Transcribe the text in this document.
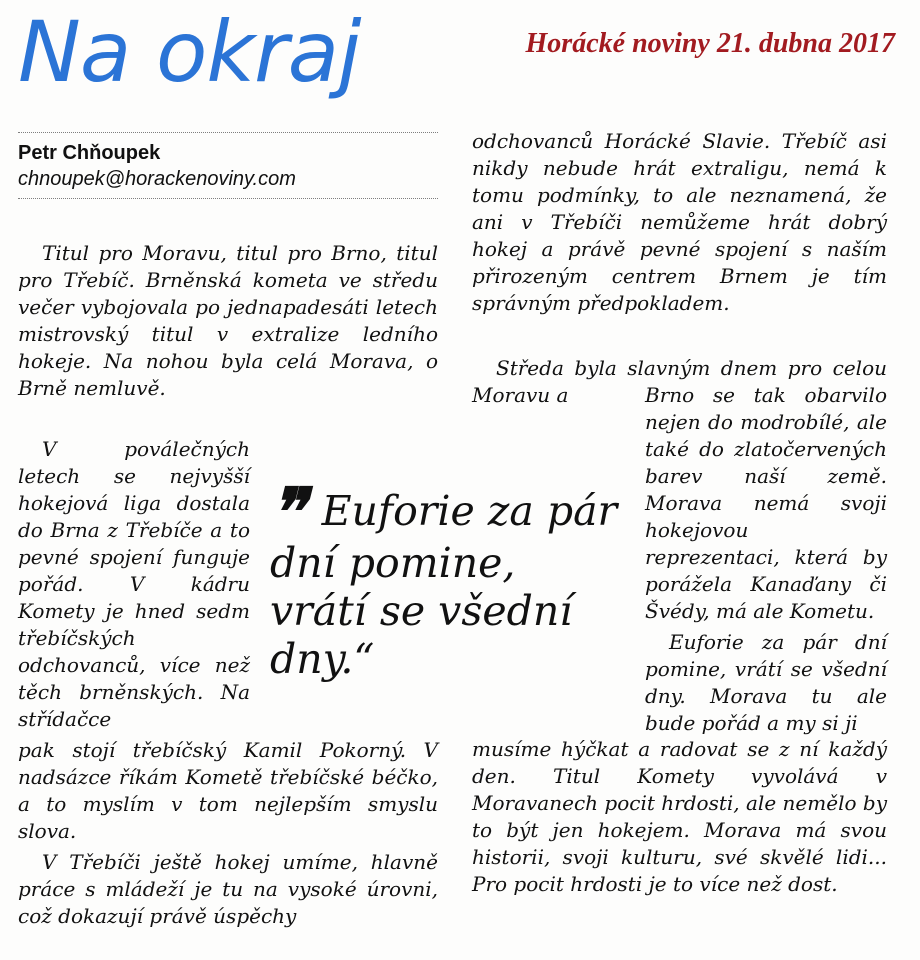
Na okraj	Horácké noviny 21. dubna 2017
Petr Chňoupek
chnoupek@horackenoviny.com

Titul pro Moravu, titul pro Brno, titul pro Třebíč. Brněnská kometa ve středu večer vybojovala po jednapadesáti letech mistrovský titul v extralize ledního hokeje. Na nohou byla celá Morava, o Brně nemluvě.

V poválečných letech se nejvyšší hokejová liga dostala do Brna z Třebíče a to pevné spojení funguje pořád. V kádru Komety je hned sedm třebíčských odchovanců, více než těch brněnských. Na střídačce

pak stojí třebíčský Kamil Pokorný. V nadsázce říkám Kometě třebíčské béčko, a to myslím v tom nejlepším smyslu slova.

V Třebíči ještě hokej umíme, hlavně práce s mládeží je tu na vysoké úrovni, což dokazují právě úspěchy

odchovanců Horácké Slavie. Třebíč asi nikdy nebude hrát extraligu, nemá k tomu podmínky, to ale neznamená, že ani v Třebíči nemůžeme hrát dobrý hokej a právě pevné spojení s naším přirozeným centrem Brnem je tím správným předpokladem.

Středa byla slavným dnem pro celou Moravu a	Brno se tak obarvilo nejen do modrobílé, ale také do zlatočervených barev naší země. Morava nemá svoji hokejovou reprezentaci, která by porážela Kanaďany či Švédy, má ale Kometu.

Euforie za pár dní pomine, vrátí se všední dny. Morava tu ale bude pořád a my si ji

musíme hýčkat a radovat se z ní každý den. Titul Komety vyvolává v Moravanech pocit hrdosti, ale nemělo by to být jen hokejem. Morava má svou historii, svoji kulturu, své skvělé lidi... Pro pocit hrdosti je to více než dost.

❞ Euforie za pár dní pomine, vrátí se všední dny.“
